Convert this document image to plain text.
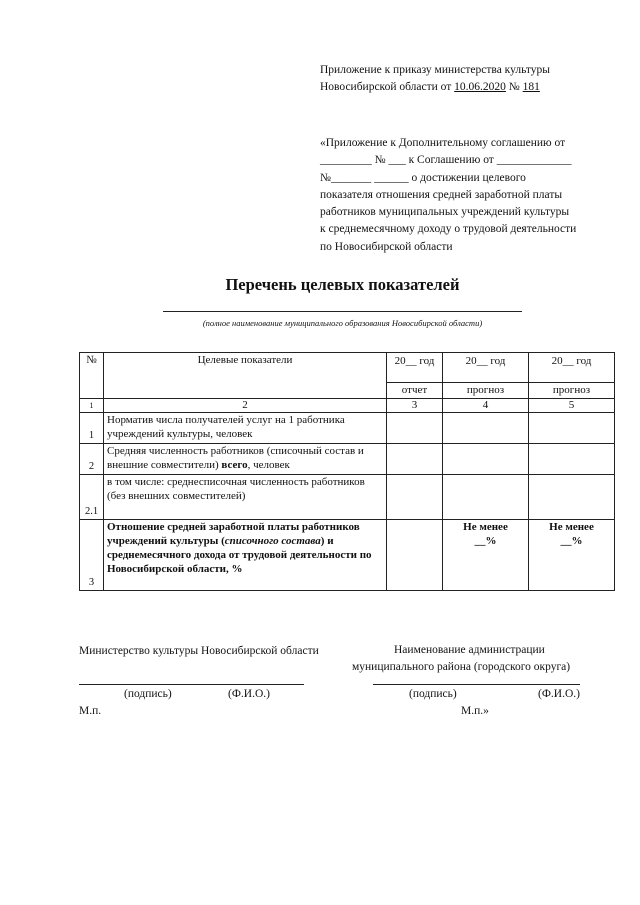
Приложение к приказу министерства культуры
Новосибирской области от 10.06.2020 № 181
«Приложение к Дополнительному соглашению от
_________ № ___ к Соглашению от _____________
№_______ ______ о достижении целевого
показателя отношения средней заработной платы
работников муниципальных учреждений культуры
к среднемесячному доходу о трудовой деятельности
по Новосибирской области
Перечень целевых показателей
(полное наименование муниципального образования Новосибирской области)
№	Целевые показатели	20__ год	20__ год	20__ год
		отчет	прогноз	прогноз
1	2	3	4	5
1	Норматив числа получателей услуг на 1 работника учреждений культуры, человек			
2	Средняя численность работников (списочный состав и внешние совместители) всего, человек			
2.1	в том числе: среднесписочная численность работников (без внешних совместителей)			
3	Отношение средней заработной платы работников учреждений культуры (списочного состава) и среднемесячного дохода от трудовой деятельности по Новосибирской области, %		Не менее __%	Не менее __%
Министерство культуры Новосибирской области	Наименование администрации
муниципального района (городского округа)
(подпись)	(Ф.И.О.)	(подпись)	(Ф.И.О.)
М.п.	М.п.»
